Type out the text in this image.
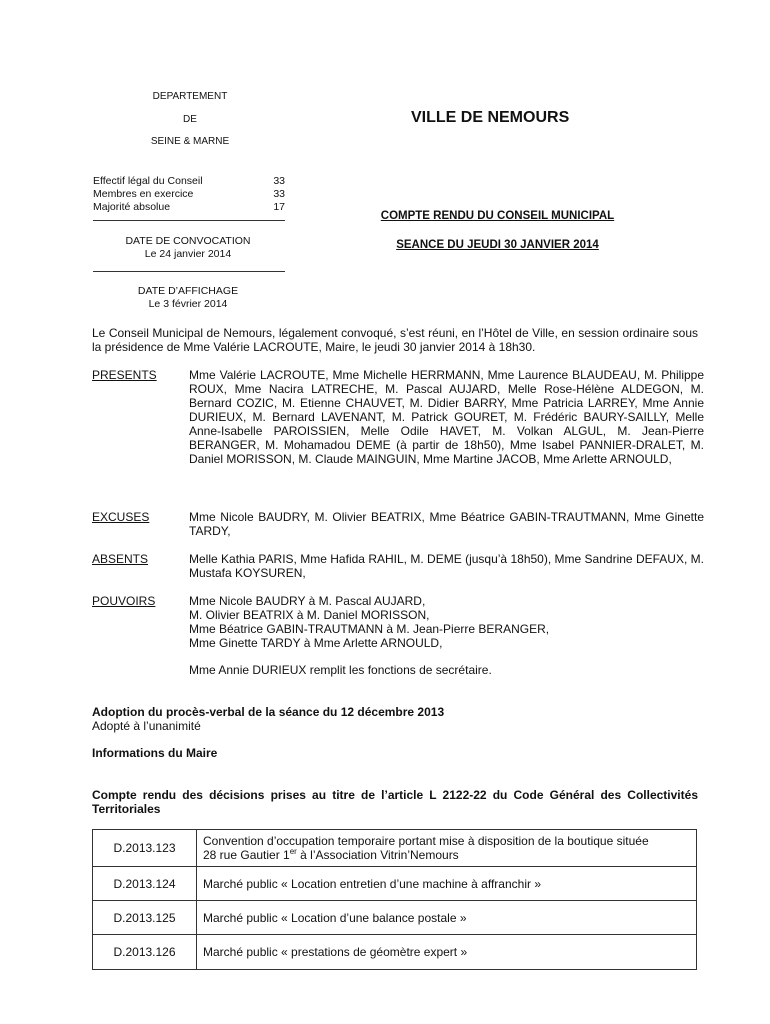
DEPARTEMENT
DE
SEINE & MARNE
VILLE DE NEMOURS
Effectif légal du Conseil	33
Membres en exercice	33
Majorité absolue	17
DATE DE CONVOCATION
Le 24 janvier 2014
DATE D’AFFICHAGE
Le 3 février 2014
COMPTE RENDU DU CONSEIL MUNICIPAL
SEANCE DU JEUDI 30 JANVIER 2014
Le Conseil Municipal de Nemours, légalement convoqué, s’est réuni, en l’Hôtel de Ville, en session ordinaire sous la présidence de Mme Valérie LACROUTE, Maire, le jeudi 30 janvier 2014 à 18h30.
PRESENTS	Mme Valérie LACROUTE, Mme Michelle HERRMANN, Mme Laurence BLAUDEAU, M. Philippe ROUX, Mme Nacira LATRECHE, M. Pascal AUJARD, Melle Rose-Hélène ALDEGON, M. Bernard COZIC, M. Etienne CHAUVET, M. Didier BARRY, Mme Patricia LARREY, Mme Annie DURIEUX, M. Bernard LAVENANT, M. Patrick GOURET, M. Frédéric BAURY-SAILLY, Melle Anne-Isabelle PAROISSIEN, Melle Odile HAVET, M. Volkan ALGUL, M. Jean-Pierre BERANGER, M. Mohamadou DEME (à partir de 18h50), Mme Isabel PANNIER-DRALET, M. Daniel MORISSON, M. Claude MAINGUIN, Mme Martine JACOB, Mme Arlette ARNOULD,
EXCUSES	Mme Nicole BAUDRY, M. Olivier BEATRIX, Mme Béatrice GABIN-TRAUTMANN, Mme Ginette TARDY,
ABSENTS	Melle Kathia PARIS, Mme Hafida RAHIL, M. DEME (jusqu’à 18h50), Mme Sandrine DEFAUX, M. Mustafa KOYSUREN,
POUVOIRS	Mme Nicole BAUDRY à M. Pascal AUJARD,
M. Olivier BEATRIX à M. Daniel MORISSON,
Mme Béatrice GABIN-TRAUTMANN à M. Jean-Pierre BERANGER,
Mme Ginette TARDY à Mme Arlette ARNOULD,
Mme Annie DURIEUX remplit les fonctions de secrétaire.
Adoption du procès-verbal de la séance du 12 décembre 2013
Adopté à l’unanimité
Informations du Maire
Compte rendu des décisions prises au titre de l’article L 2122-22 du Code Général des Collectivités Territoriales
D.2013.123	Convention d’occupation temporaire portant mise à disposition de la boutique située
28 rue Gautier 1er à l’Association Vitrin’Nemours
D.2013.124	Marché public « Location entretien d’une machine à affranchir »
D.2013.125	Marché public « Location d’une balance postale »
D.2013.126	Marché public « prestations de géomètre expert »
